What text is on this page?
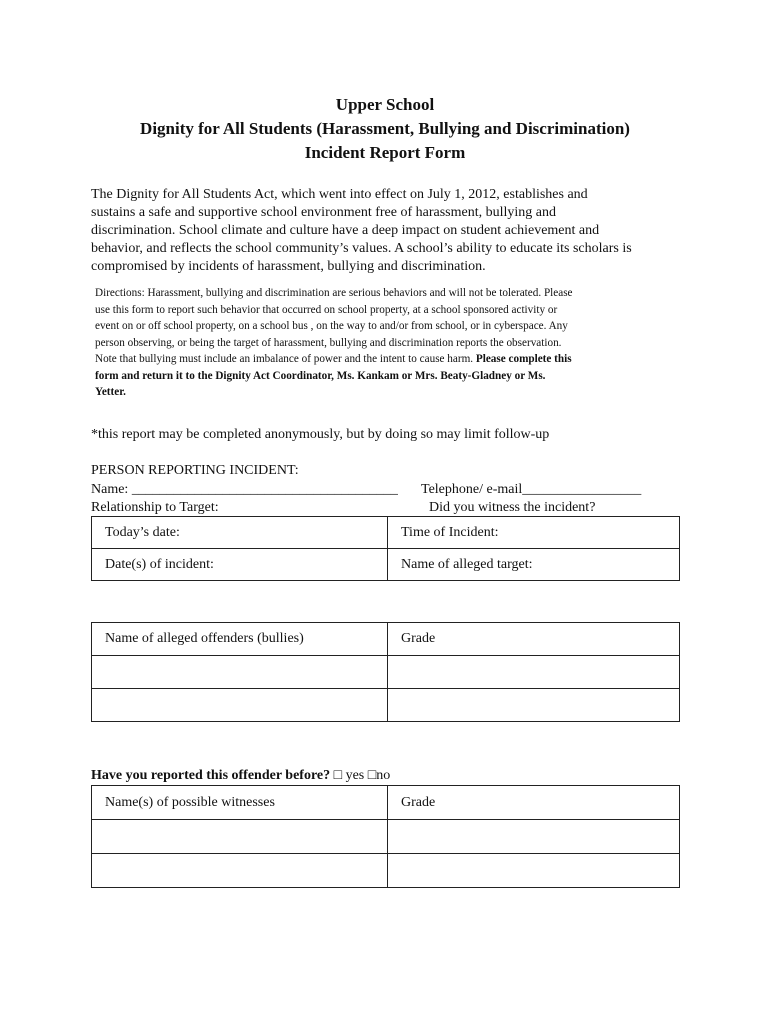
Upper School
Dignity for All Students (Harassment, Bullying and Discrimination)
Incident Report Form
The Dignity for All Students Act, which went into effect on July 1, 2012, establishes and
sustains a safe and supportive school environment free of harassment, bullying and
discrimination. School climate and culture have a deep impact on student achievement and
behavior, and reflects the school community’s values. A school’s ability to educate its scholars is
compromised by incidents of harassment, bullying and discrimination.
Directions: Harassment, bullying and discrimination are serious behaviors and will not be tolerated. Please
use this form to report such behavior that occurred on school property, at a school sponsored activity or
event on or off school property, on a school bus , on the way to and/or from school, or in cyberspace. Any
person observing, or being the target of harassment, bullying and discrimination reports the observation.
Note that bullying must include an imbalance of power and the intent to cause harm. Please complete this
form and return it to the Dignity Act Coordinator, Ms. Kankam or Mrs. Beaty-Gladney or Ms.
Yetter.
*this report may be completed anonymously, but by doing so may limit follow-up
PERSON REPORTING INCIDENT:
Name: ______________________________________ Telephone/ e-mail_________________
Relationship to Target:	Did you witness the incident?
Today’s date:	Time of Incident:
Date(s) of incident:	Name of alleged target:
Name of alleged offenders (bullies)	Grade

Have you reported this offender before? □ yes □no
Name(s) of possible witnesses	Grade
